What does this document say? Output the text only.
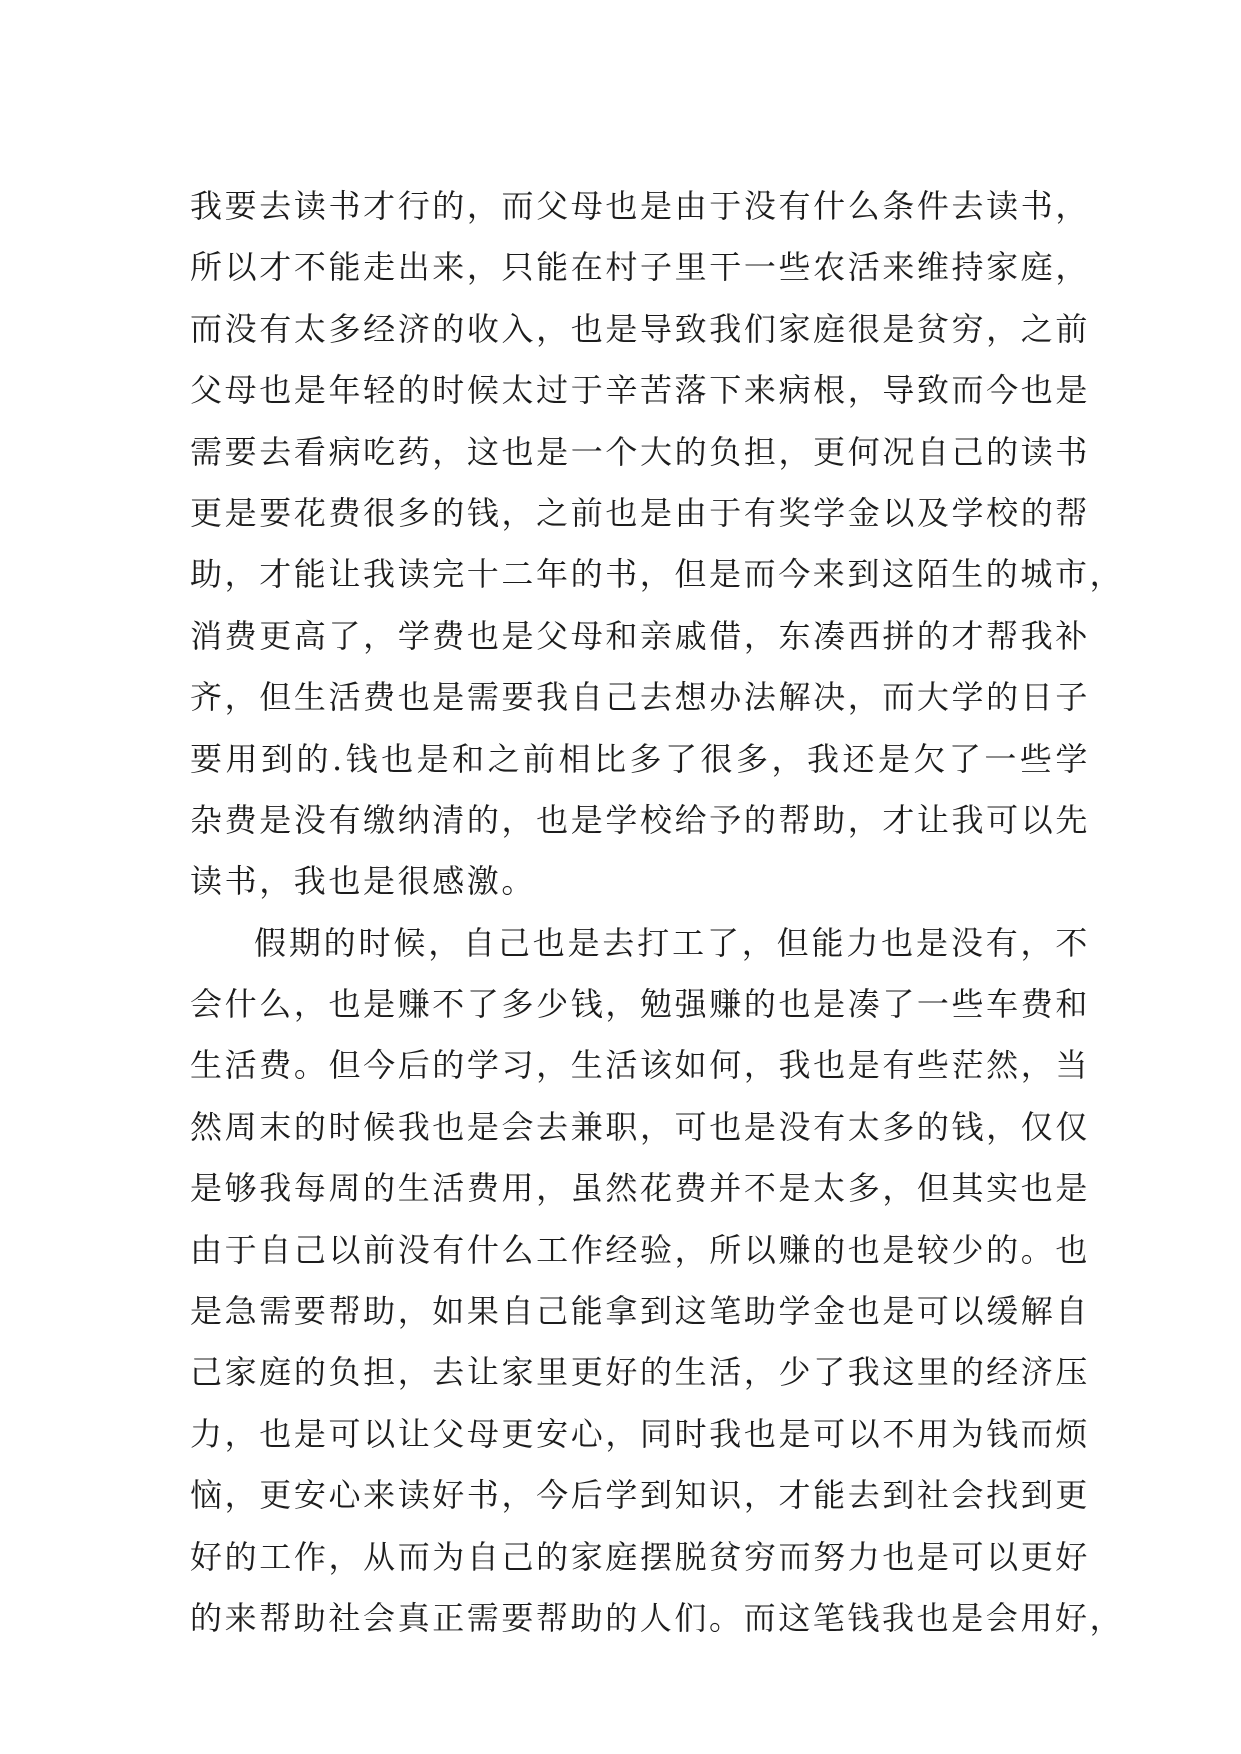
我要去读书才行的，而父母也是由于没有什么条件去读书，
所以才不能走出来，只能在村子里干一些农活来维持家庭，
而没有太多经济的收入，也是导致我们家庭很是贫穷，之前
父母也是年轻的时候太过于辛苦落下来病根，导致而今也是
需要去看病吃药，这也是一个大的负担，更何况自己的读书
更是要花费很多的钱，之前也是由于有奖学金以及学校的帮
助，才能让我读完十二年的书，但是而今来到这陌生的城市，
消费更高了，学费也是父母和亲戚借，东凑西拼的才帮我补
齐，但生活费也是需要我自己去想办法解决，而大学的日子
要用到的.钱也是和之前相比多了很多，我还是欠了一些学
杂费是没有缴纳清的，也是学校给予的帮助，才让我可以先
读书，我也是很感激。
假期的时候，自己也是去打工了，但能力也是没有，不
会什么，也是赚不了多少钱，勉强赚的也是凑了一些车费和
生活费。但今后的学习，生活该如何，我也是有些茫然，当
然周末的时候我也是会去兼职，可也是没有太多的钱，仅仅
是够我每周的生活费用，虽然花费并不是太多，但其实也是
由于自己以前没有什么工作经验，所以赚的也是较少的。也
是急需要帮助，如果自己能拿到这笔助学金也是可以缓解自
己家庭的负担，去让家里更好的生活，少了我这里的经济压
力，也是可以让父母更安心，同时我也是可以不用为钱而烦
恼，更安心来读好书，今后学到知识，才能去到社会找到更
好的工作，从而为自己的家庭摆脱贫穷而努力也是可以更好
的来帮助社会真正需要帮助的人们。而这笔钱我也是会用好，
